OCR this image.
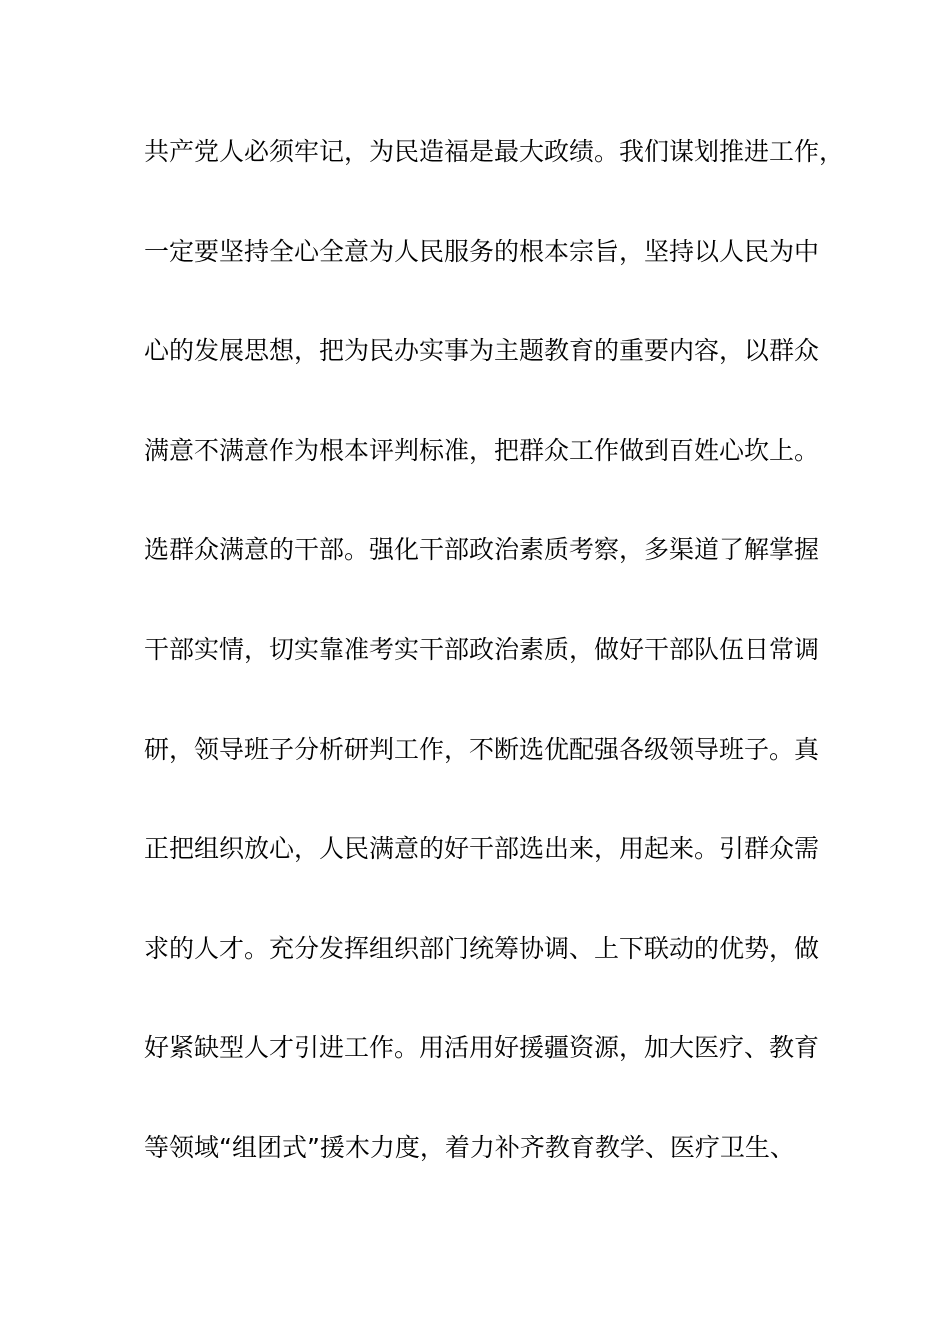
共产党人必须牢记，为民造福是最大政绩。我们谋划推进工作，
一定要坚持全心全意为人民服务的根本宗旨，坚持以人民为中
心的发展思想，把为民办实事为主题教育的重要内容，以群众
满意不满意作为根本评判标准，把群众工作做到百姓心坎上。
选群众满意的干部。强化干部政治素质考察，多渠道了解掌握
干部实情，切实靠准考实干部政治素质，做好干部队伍日常调
研，领导班子分析研判工作，不断选优配强各级领导班子。真
正把组织放心，人民满意的好干部选出来，用起来。引群众需
求的人才。充分发挥组织部门统筹协调、上下联动的优势，做
好紧缺型人才引进工作。用活用好援疆资源，加大医疗、教育
等领域“组团式”援木力度，着力补齐教育教学、医疗卫生、
